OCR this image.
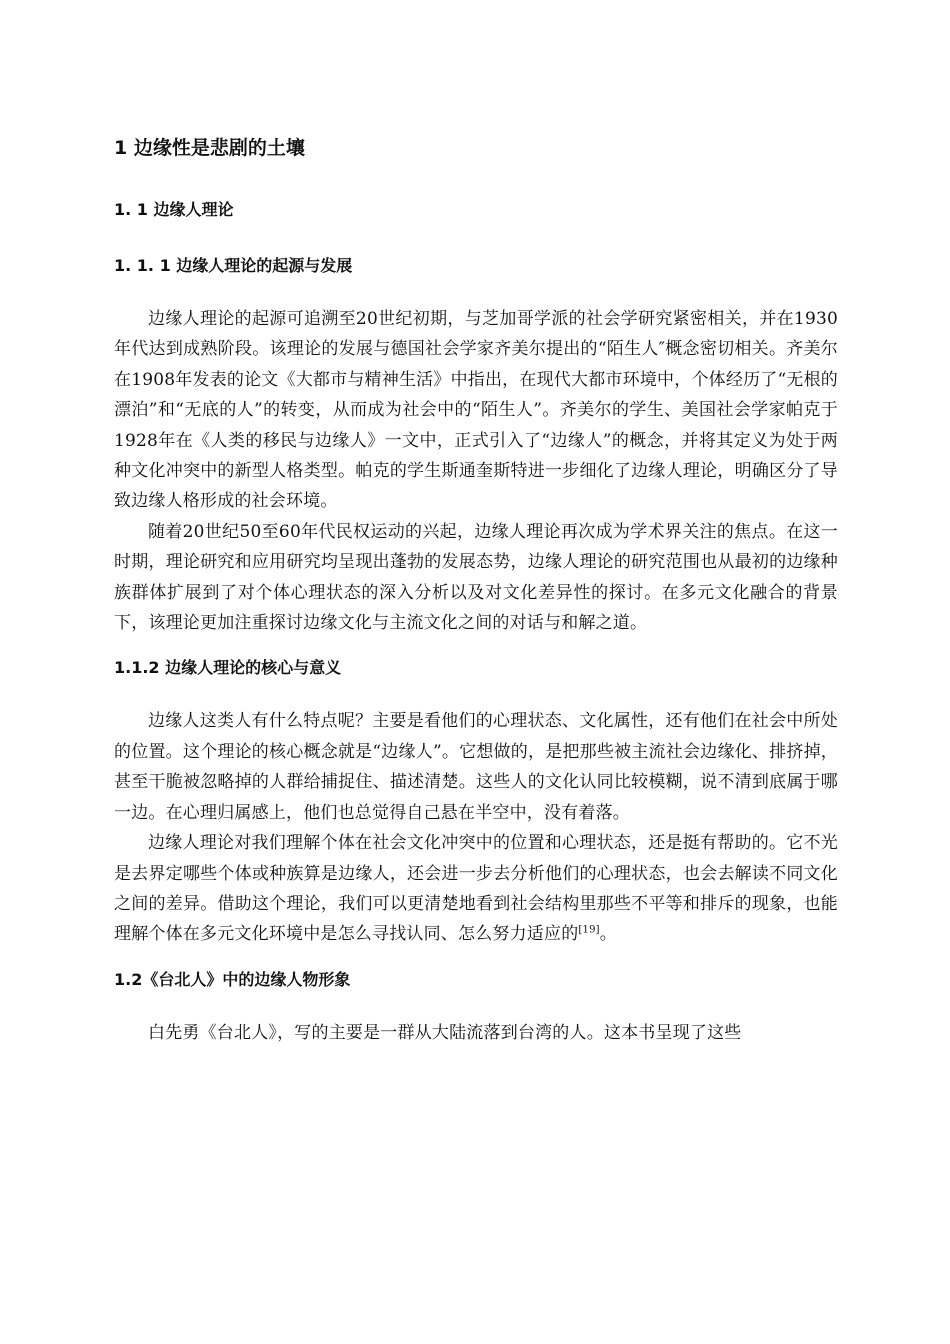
1 边缘性是悲剧的土壤
1. 1 边缘人理论
1. 1. 1 边缘人理论的起源与发展

边缘人理论的起源可追溯至20世纪初期，与芝加哥学派的社会学研究紧密相关，并在1930年代达到成熟阶段。该理论的发展与德国社会学家齐美尔提出的“陌生人″概念密切相关。齐美尔在1908年发表的论文《大都市与精神生活》中指出，在现代大都市环境中，个体经历了“无根的漂泊”和“无底的人”的转变，从而成为社会中的“陌生人”。齐美尔的学生、美国社会学家帕克于1928年在《人类的移民与边缘人》一文中，正式引入了“边缘人”的概念，并将其定义为处于两种文化冲突中的新型人格类型。帕克的学生斯通奎斯特进一步细化了边缘人理论，明确区分了导致边缘人格形成的社会环境。

随着20世纪50至60年代民权运动的兴起，边缘人理论再次成为学术界关注的焦点。在这一时期，理论研究和应用研究均呈现出蓬勃的发展态势，边缘人理论的研究范围也从最初的边缘种族群体扩展到了对个体心理状态的深入分析以及对文化差异性的探讨。在多元文化融合的背景下，该理论更加注重探讨边缘文化与主流文化之间的对话与和解之道。

1.1.2 边缘人理论的核心与意义

边缘人这类人有什么特点呢？主要是看他们的心理状态、文化属性，还有他们在社会中所处的位置。这个理论的核心概念就是“边缘人”。它想做的，是把那些被主流社会边缘化、排挤掉，甚至干脆被忽略掉的人群给捕捉住、描述清楚。这些人的文化认同比较模糊，说不清到底属于哪一边。在心理归属感上，他们也总觉得自己悬在半空中，没有着落。

边缘人理论对我们理解个体在社会文化冲突中的位置和心理状态，还是挺有帮助的。它不光是去界定哪些个体或种族算是边缘人，还会进一步去分析他们的心理状态，也会去解读不同文化之间的差异。借助这个理论，我们可以更清楚地看到社会结构里那些不平等和排斥的现象，也能理解个体在多元文化环境中是怎么寻找认同、怎么努力适应的[19]。

1.2《台北人》中的边缘人物形象

白先勇《台北人》，写的主要是一群从大陆流落到台湾的人。这本书呈现了这些
